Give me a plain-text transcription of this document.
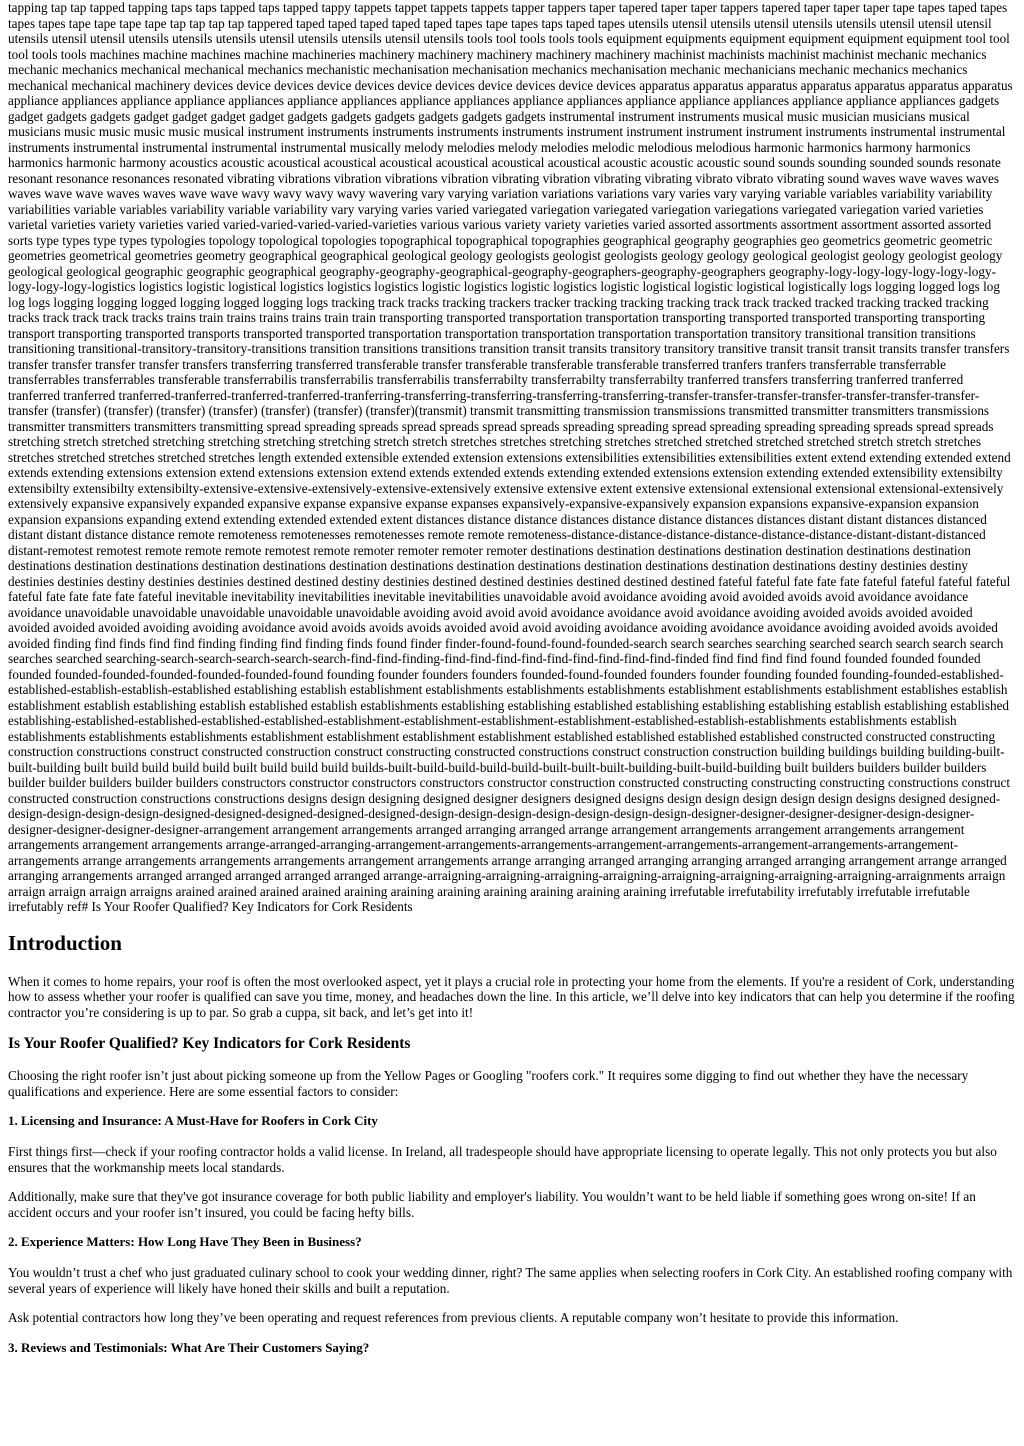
tapping tap tap tapped tapping taps taps tapped taps tapped tappy tappets tappet tappets tappets tapper tappers taper tapered taper taper tappers tapered taper taper taper tape tapes taped tapes tapes tapes tape tape tape tape tap tap tap tap tappered taped taped taped taped taped tapes tape tapes taps taped tapes utensils utensil utensils utensil utensils utensils utensil utensil utensil utensils utensil utensil utensils utensils utensils utensil utensils utensils utensil utensils tools tool tools tools tools equipment equipments equipment equipment equipment equipment tool tool tool tools tools machines machine machines machine machineries machinery machinery machinery machinery machinery machinist machinists machinist machinist mechanic mechanics mechanic mechanics mechanical mechanical mechanics mechanistic mechanisation mechanisation mechanics mechanisation mechanic mechanicians mechanic mechanics mechanics mechanical mechanical machinery devices device devices device devices device devices device devices device devices apparatus apparatus apparatus apparatus apparatus apparatus apparatus appliance appliances appliance appliance appliances appliance appliances appliance appliances appliance appliances appliance appliance appliances appliance appliance appliances gadgets gadget gadgets gadgets gadget gadget gadget gadget gadgets gadgets gadgets gadgets gadgets gadgets instrumental instrument instruments musical music musician musicians musical musicians music music music music musical instrument instruments instruments instruments instruments instrument instrument instrument instrument instruments instrumental instrumental instruments instrumental instrumental instrumental instrumental musically melody melodies melody melodies melodic melodious melodious harmonic harmonics harmony harmonics harmonics harmonic harmony acoustics acoustic acoustical acoustical acoustical acoustical acoustical acoustical acoustic acoustic acoustic sound sounds sounding sounded sounds resonate resonant resonance resonances resonated vibrating vibrations vibration vibrations vibration vibrating vibration vibrating vibrating vibrato vibrato vibrating sound waves wave waves waves waves wave wave waves waves wave wave wavy wavy wavy wavy wavering vary varying variation variations variations vary varies vary varying variable variables variability variability variabilities variable variables variability variable variability vary varying varies varied variegated variegation variegated variegation variegations variegated variegation varied varieties varietal varieties variety varieties varied varied-varied-varied-varied-varieties various various variety variety varieties varied assorted assortments assortment assortment assorted assorted sorts type types type types typologies topology topological topologies topographical topographical topographies geographical geography geographies geo geometrics geometric geometric geometries geometrical geometries geometry geographical geographical geological geology geologists geologist geologists geology geology geological geologist geology geologist geology geological geological geographic geographic geographical geography-geography-geographical-geography-geographers-geography-geographers geography-logy-logy-logy-logy-logy-logy-logy-logy-logy-logistics logistics logistic logistical logistics logistics logistics logistic logistics logistic logistics logistic logistical logistic logistical logistically logs logging logged logs log log logs logging logging logged logging logged logging logs tracking track tracks tracking trackers tracker tracking tracking tracking track track tracked tracked tracking tracked tracking tracks track track track tracks trains train trains trains trains train train transporting transported transportation transportation transporting transported transported transporting transporting transport transporting transported transports transported transported transportation transportation transportation transportation transportation transitory transitional transition transitions transitioning transitional-transitory-transitory-transitions transition transitions transitions transition transit transits transitory transitory transitive transit transit transit transits transfer transfers transfer transfer transfer transfer transfers transferring transferred transferable transfer transferable transferable transferable transferred tranfers tranfers transferrable transferrable transferrables transferrables transferable transferrabilis transferrabilis transferrabilis transferrabilty transferrabilty transferrabilty tranferred transfers transferring tranferred tranferred tranferred tranferred tranferred-tranferred-tranferred-tranferred-tranferring-transferring-transferring-transferring-transferring-transfer-transfer-transfer-transfer-transfer-transfer-transfer-transfer (transfer) (transfer) (transfer) (transfer) (transfer) (transfer) (transfer)(transmit) transmit transmitting transmission transmissions transmitted transmitter transmitters transmissions transmitter transmitters transmitters transmitting spread spreading spreads spread spreads spread spreads spreading spreading spread spreading spreading spreading spreads spread spreads stretching stretch stretched stretching stretching stretching stretching stretch stretch stretches stretches stretching stretches stretched stretched stretched stretched stretch stretch stretches stretches stretched stretches stretched stretches length extended extensible extended extension extensions extensibilities extensibilities extensibilities extent extend extending extended extend extends extending extensions extension extend extensions extension extend extends extended extends extending extended extensions extension extending extended extensibility extensibilty extensibilty extensibilty extensibilty-extensive-extensive-extensively-extensive-extensively extensive extensive extent extensive extensional extensional extensional extensional-extensively extensively expansive expansively expanded expansive expanse expansive expanse expanses expansively-expansive-expansively expansion expansions expansive-expansion expansion expansion expansions expanding extend extending extended extended extent distances distance distance distances distance distance distances distances distant distant distances distanced distant distant distance distance remote remoteness remotenesses remotenesses remote remote remoteness-distance-distance-distance-distance-distance-distance-distant-distant-distanced distant-remotest remotest remote remote remote remotest remote remoter remoter remoter remoter destinations destination destinations destination destination destinations destination destinations destination destinations destination destinations destination destinations destination destinations destination destinations destination destinations destiny destinies destiny destinies destinies destiny destinies destinies destined destined destiny destinies destined destined destinies destined destined destined fateful fateful fate fate fate fateful fateful fateful fateful fateful fate fate fate fate fateful inevitable inevitability inevitabilities inevitable inevitabilities unavoidable avoid avoidance avoiding avoid avoided avoids avoid avoidance avoidance avoidance unavoidable unavoidable unavoidable unavoidable unavoidable avoiding avoid avoid avoid avoidance avoidance avoid avoidance avoiding avoided avoids avoided avoided avoided avoided avoided avoiding avoiding avoidance avoid avoids avoids avoids avoided avoid avoid avoiding avoidance avoiding avoidance avoidance avoiding avoided avoids avoided avoided finding find finds find find finding finding find finding finds found finder finder-found-found-found-founded-search search searches searching searched search search search search searches searched searching-search-search-search-search-search-find-find-finding-find-find-find-find-find-find-find-find-find-finded find find find find found founded founded founded founded founded-founded-founded-founded-founded-found founding founder founders founders founded-found-founded founders founder founding founded founding-founded-established-established-establish-establish-established establishing establish establishment establishments establishments establishments establishment establishments establishment establishes establish establishment establish establishing establish established establish establishments establishing establishing established establishing establishing establishing establish establishing established establishing-established-established-established-established-establishment-establishment-establishment-establishment-established-establish-establishments establishments establish establishments establishments establishments establishment establishment establishment establishment established established established established constructed constructed constructing construction constructions construct constructed construction construct constructing constructed constructions construct construction construction building buildings building building-built-built-building built build build build build built build build build builds-built-build-build-build-build-built-built-built-building-built-build-building built builders builders builder builders builder builder builders builder builders constructors constructor constructors constructors constructor construction constructed constructing constructing constructing constructions construct constructed construction constructions constructions designs design designing designed designer designers designed designs design design design design design designs designed designed-design-design-design-design-designed-designed-designed-designed-designed-design-design-design-design-design-design-design-designer-designer-designer-designer-design-designer-designer-designer-designer-designer-arrangement arrangement arrangements arranged arranging arranged arrange arrangement arrangements arrangement arrangements arrangement arrangements arrangement arrangements arrange-arranged-arranging-arrangement-arrangements-arrangements-arrangement-arrangements-arrangement-arrangements-arrangement-arrangements arrange arrangements arrangements arrangements arrangement arrangements arrange arranging arranged arranging arranging arranged arranging arrangement arrange arranged arranging arrangements arranged arranged arranged arranged arranged arrange-arraigning-arraigning-arraigning-arraigning-arraigning-arraigning-arraigning-arraigning-arraignments arraign arraign arraign arraign arraigns arained arained arained arained araining araining araining araining araining araining araining irrefutable irrefutability irrefutably irrefutable irrefutable irrefutably ref# Is Your Roofer Qualified? Key Indicators for Cork Residents

Introduction

When it comes to home repairs, your roof is often the most overlooked aspect, yet it plays a crucial role in protecting your home from the elements. If you're a resident of Cork, understanding how to assess whether your roofer is qualified can save you time, money, and headaches down the line. In this article, we’ll delve into key indicators that can help you determine if the roofing contractor you’re considering is up to par. So grab a cuppa, sit back, and let’s get into it!

Is Your Roofer Qualified? Key Indicators for Cork Residents

Choosing the right roofer isn’t just about picking someone up from the Yellow Pages or Googling "roofers cork." It requires some digging to find out whether they have the necessary qualifications and experience. Here are some essential factors to consider:

1. Licensing and Insurance: A Must-Have for Roofers in Cork City

First things first—check if your roofing contractor holds a valid license. In Ireland, all tradespeople should have appropriate licensing to operate legally. This not only protects you but also ensures that the workmanship meets local standards.

Additionally, make sure that they've got insurance coverage for both public liability and employer's liability. You wouldn’t want to be held liable if something goes wrong on-site! If an accident occurs and your roofer isn’t insured, you could be facing hefty bills.

2. Experience Matters: How Long Have They Been in Business?

You wouldn’t trust a chef who just graduated culinary school to cook your wedding dinner, right? The same applies when selecting roofers in Cork City. An established roofing company with several years of experience will likely have honed their skills and built a reputation.

Ask potential contractors how long they’ve been operating and request references from previous clients. A reputable company won’t hesitate to provide this information.

3. Reviews and Testimonials: What Are Their Customers Saying?
